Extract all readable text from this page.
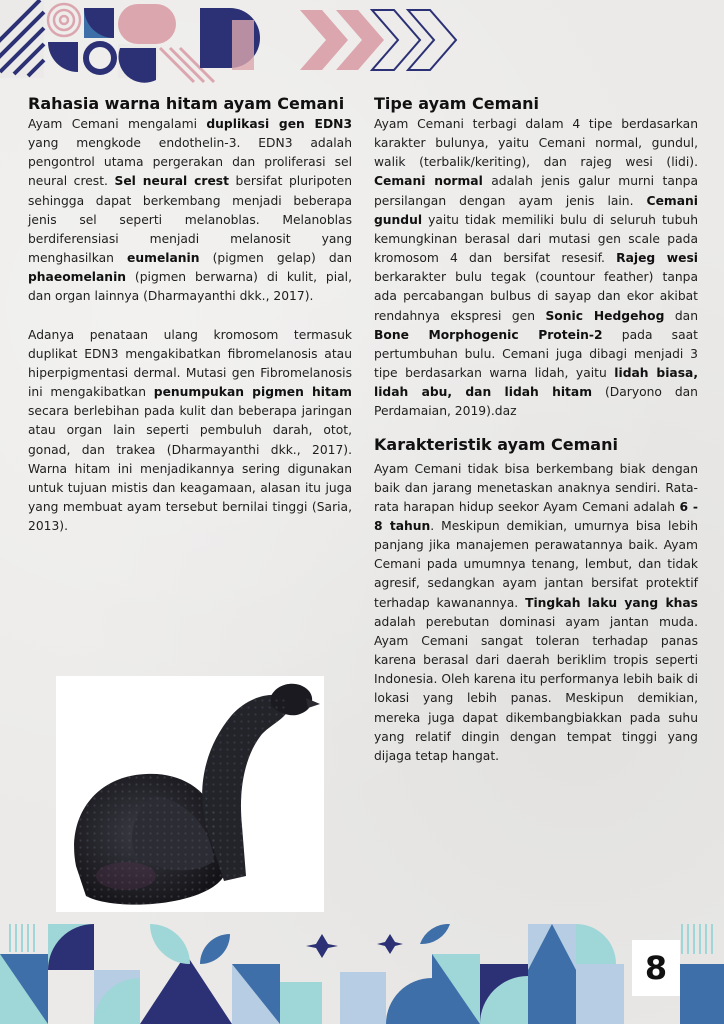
Rahasia warna hitam ayam Cemani

Ayam Cemani mengalami duplikasi gen EDN3 yang mengkode endothelin-3. EDN3 adalah pengontrol utama pergerakan dan proliferasi sel neural crest. Sel neural crest bersifat pluripoten sehingga dapat berkembang menjadi beberapa jenis sel seperti melanoblas. Melanoblas berdiferensiasi menjadi melanosit yang menghasilkan eumelanin (pigmen gelap) dan phaeomelanin (pigmen berwarna) di kulit, pial, dan organ lainnya (Dharmayanthi dkk., 2017).

Adanya penataan ulang kromosom termasuk duplikat EDN3 mengakibatkan fibromelanosis atau hiperpigmentasi dermal. Mutasi gen Fibromelanosis ini mengakibatkan penumpukan pigmen hitam secara berlebihan pada kulit dan beberapa jaringan atau organ lain seperti pembuluh darah, otot, gonad, dan trakea (Dharmayanthi dkk., 2017). Warna hitam ini menjadikannya sering digunakan untuk tujuan mistis dan keagamaan, alasan itu juga yang membuat ayam tersebut bernilai tinggi (Saria, 2013).

Tipe ayam Cemani

Ayam Cemani terbagi dalam 4 tipe berdasarkan karakter bulunya, yaitu Cemani normal, gundul, walik (terbalik/keriting), dan rajeg wesi (lidi). Cemani normal adalah jenis galur murni tanpa persilangan dengan ayam jenis lain. Cemani gundul yaitu tidak memiliki bulu di seluruh tubuh kemungkinan berasal dari mutasi gen scale pada kromosom 4 dan bersifat resesif. Rajeg wesi berkarakter bulu tegak (countour feather) tanpa ada percabangan bulbus di sayap dan ekor akibat rendahnya ekspresi gen Sonic Hedgehog dan Bone Morphogenic Protein-2 pada saat pertumbuhan bulu. Cemani juga dibagi menjadi 3 tipe berdasarkan warna lidah, yaitu lidah biasa, lidah abu, dan lidah hitam (Daryono dan Perdamaian, 2019).daz

Karakteristik ayam Cemani

Ayam Cemani tidak bisa berkembang biak dengan baik dan jarang menetaskan anaknya sendiri. Rata-rata harapan hidup seekor Ayam Cemani adalah 6 - 8 tahun. Meskipun demikian, umurnya bisa lebih panjang jika manajemen perawatannya baik. Ayam Cemani pada umumnya tenang, lembut, dan tidak agresif, sedangkan ayam jantan bersifat protektif terhadap kawanannya. Tingkah laku yang khas adalah perebutan dominasi ayam jantan muda. Ayam Cemani sangat toleran terhadap panas karena berasal dari daerah beriklim tropis seperti Indonesia. Oleh karena itu performanya lebih baik di lokasi yang lebih panas. Meskipun demikian, mereka juga dapat dikembangbiakkan pada suhu yang relatif dingin dengan tempat tinggi yang dijaga tetap hangat.

8
